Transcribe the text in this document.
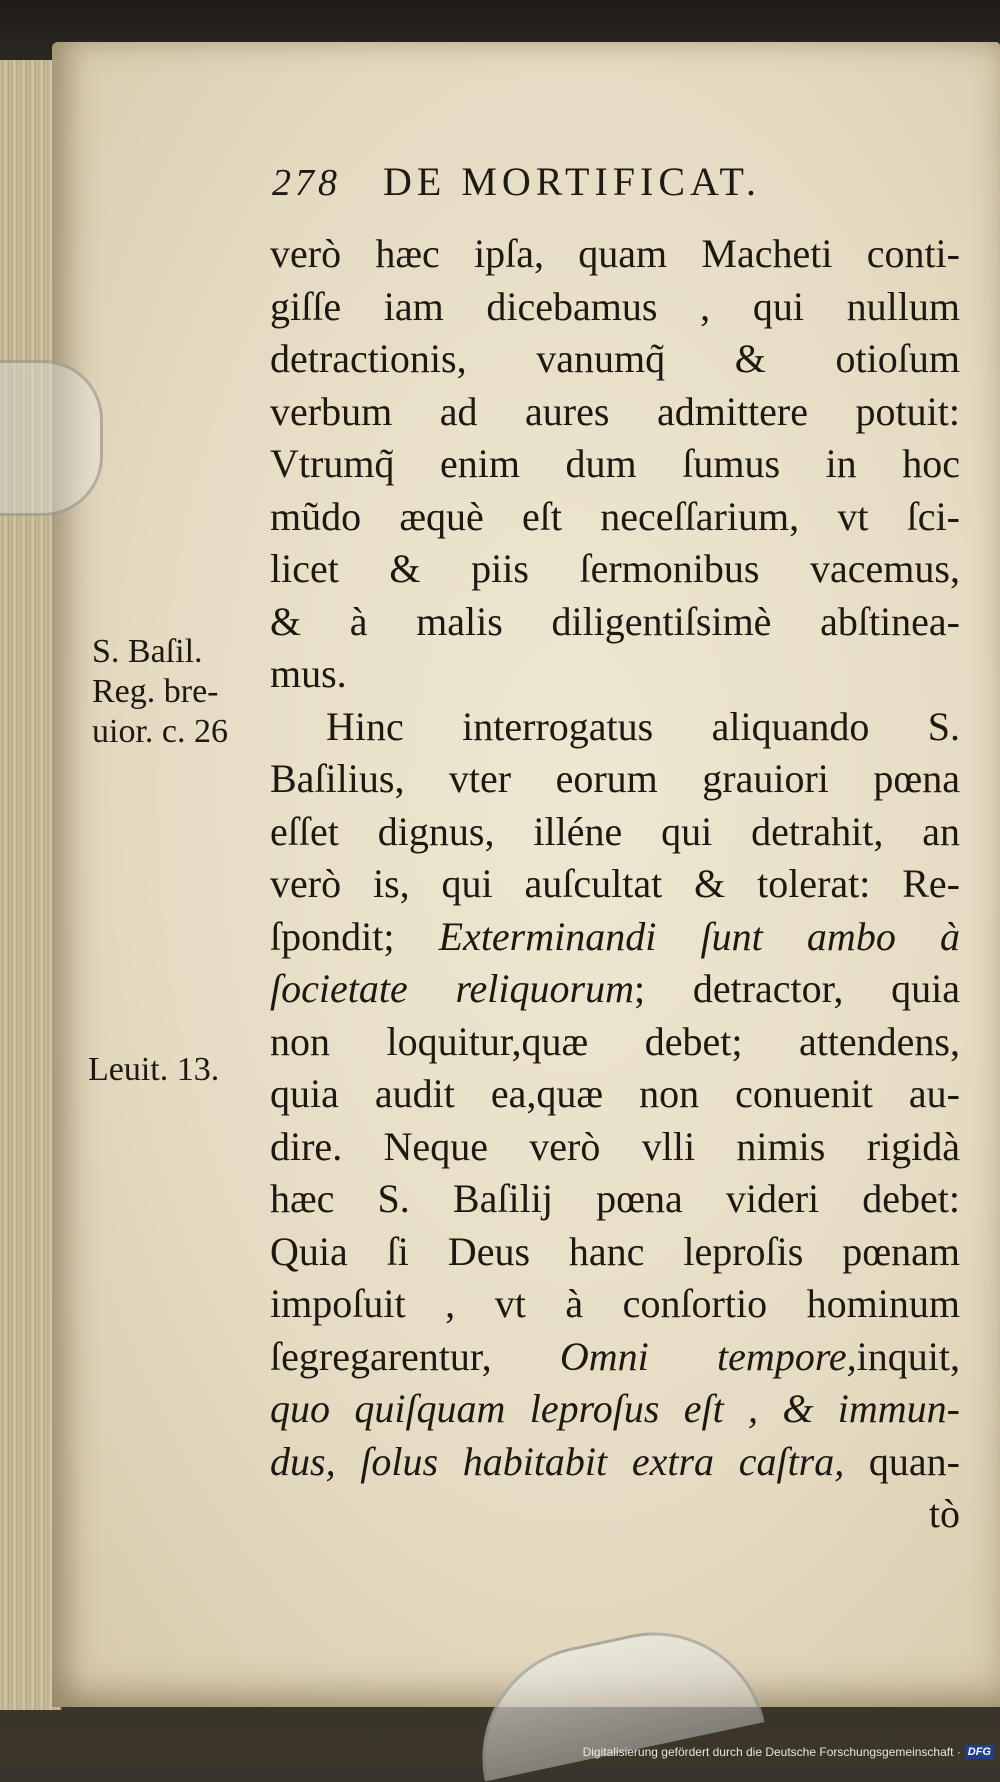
278 DE MORTIFICAT.
verò hæc ipſa, quam Macheti conti-
giſſe iam dicebamus , qui nullum
detractionis, vanumq̃ & otioſum
verbum ad aures admittere potuit:
Vtrumq̃ enim dum ſumus in hoc
mũdo æquè eſt neceſſarium, vt ſci-
licet & piis ſermonibus vacemus,
& à malis diligentiſsimè abſtinea-
mus.
Hinc interrogatus aliquando S.
Baſilius, vter eorum grauiori pœna
eſſet dignus, illéne qui detrahit, an
verò is, qui auſcultat & tolerat: Re-
ſpondit; Exterminandi ſunt ambo à
ſocietate reliquorum; detractor, quia
non loquitur,quæ debet; attendens,
quia audit ea,quæ non conuenit au-
dire. Neque verò vlli nimis rigidà
hæc S. Baſilij pœna videri debet:
Quia ſi Deus hanc leproſis pœnam
impoſuit , vt à conſortio hominum
ſegregarentur, Omni tempore,inquit,
quo quiſquam leproſus eſt , & immun-
dus, ſolus habitabit extra caſtra, quan-
tò
S. Baſil.
Reg. bre-
uior. c. 26
Leuit. 13.
Digitalisierung gefördert durch die Deutsche Forschungsgemeinschaft · DFG
